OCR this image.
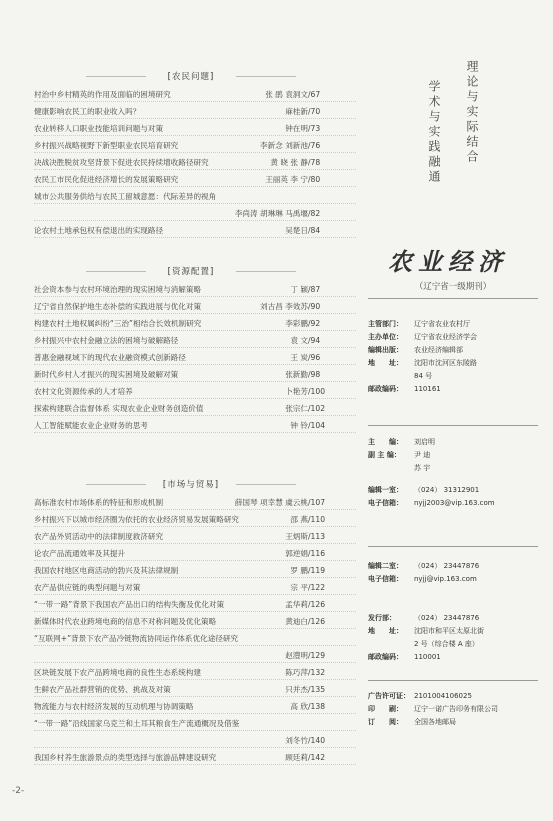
[农民问题]
村治中乡村精英的作用及面临的困境研究	张 鹃 袁洞文 /67
健康影响农民工的职业收入吗？	麻桂新 /70
农业转移人口职业技能培训问题与对策	钟在明 /73
乡村振兴战略视野下新型职业农民培育研究	李新念 刘新池 /76
决战决胜脱贫攻坚背景下促进农民持续增收路径研究	黄 晓 张 静 /78
农民工市民化促进经济增长的发展策略研究	王丽英 李 宁 /80
城市公共服务供给与农民工留城意愿：代际差异的视角
李尚涛 胡琳琳 马禹堰 /82
论农村土地承包权有偿退出的实现路径	吴楚日 /84
[资源配置]
社会资本参与农村环境治理的现实困境与消解策略	丁 颖 /87
辽宁省自然保护地生态补偿的实践进展与优化对策	刘古昌 李效苏 /90
构建农村土地权属纠纷“三治”相结合长效机制研究	李彩鹏 /92
乡村振兴中农村金融立法的困境与破解路径	袁 文 /94
普惠金融视域下的现代农业融资模式创新路径	王 炭 /96
新时代乡村人才振兴的现实困境及破解对策	张新勤 /98
农村文化资源传承的人才培养	卜艳芳 /100
探索构建联合监督体系 实现农业企业财务创造价值	张宗仁 /102
人工智能赋能农业企业财务的思考	钟 铃 /104
[市场与贸易]
高标准农村市场体系的特征和形成机制	薛国琴 项幸慧 虞云桃 /107
乡村振兴下以城市经济圈为依托的农业经济贸易发展策略研究	邵 燕 /110
农产品外贸活动中的法律制度救济研究	王炳斯 /113
论农产品流通效率及其提升	郭逆娟 /116
我国农村地区电商活动的勃兴及其法律规制	罗 鹏 /119
农产品供应链的典型问题与对策	宗 平 /122
“一带一路”背景下我国农产品出口的结构失衡及优化对策	孟华莉 /126
新媒体时代农业跨境电商的信息不对称问题及优化策略	黄迪白 /126
“互联网+”背景下农产品冷链物流协同运作体系优化途径研究
赵澧明 /129
区块链发展下农产品跨境电商的良性生态系统构建	陈巧萍 /132
生鲜农产品社群营销的优势、挑战及对策	只并杰 /135
物流能力与农村经济发展的互动机理与协调策略	高 欣 /138
“一带一路”沿线国家乌克兰和土耳其粮食生产流通概况及借鉴
刘冬竹 /140
我国乡村养生旅游景点的类型选择与旅游品牌建设研究	顾廷莉 /142
学术与实践融通 理论与实际结合
农业经济
（辽宁省一级期刊）
主管部门： 辽宁省农业农村厅
主办单位： 辽宁省农业经济学会
编辑出版： 农业经济编辑部
地　　址： 沈阳市沈河区东陵路
84 号
邮政编码： 110161
主　　编： 刘启明
副 主 编： 尹 迪
苏 宇
编辑一室： （024） 31312901
电子信箱： nyjj2003@vip.163.com
编辑二室： （024） 23447876
电子信箱： nyjj@vip.163.com
发行部：	（024） 23447876
地　　址： 沈阳市和平区太原北街
2 号（综合楼 A 座）
邮政编码： 110001
广告许可证： 2101004106025
印　　刷： 辽宁一诺广告印务有限公司
订　　阅： 全国各地邮局
-2-
